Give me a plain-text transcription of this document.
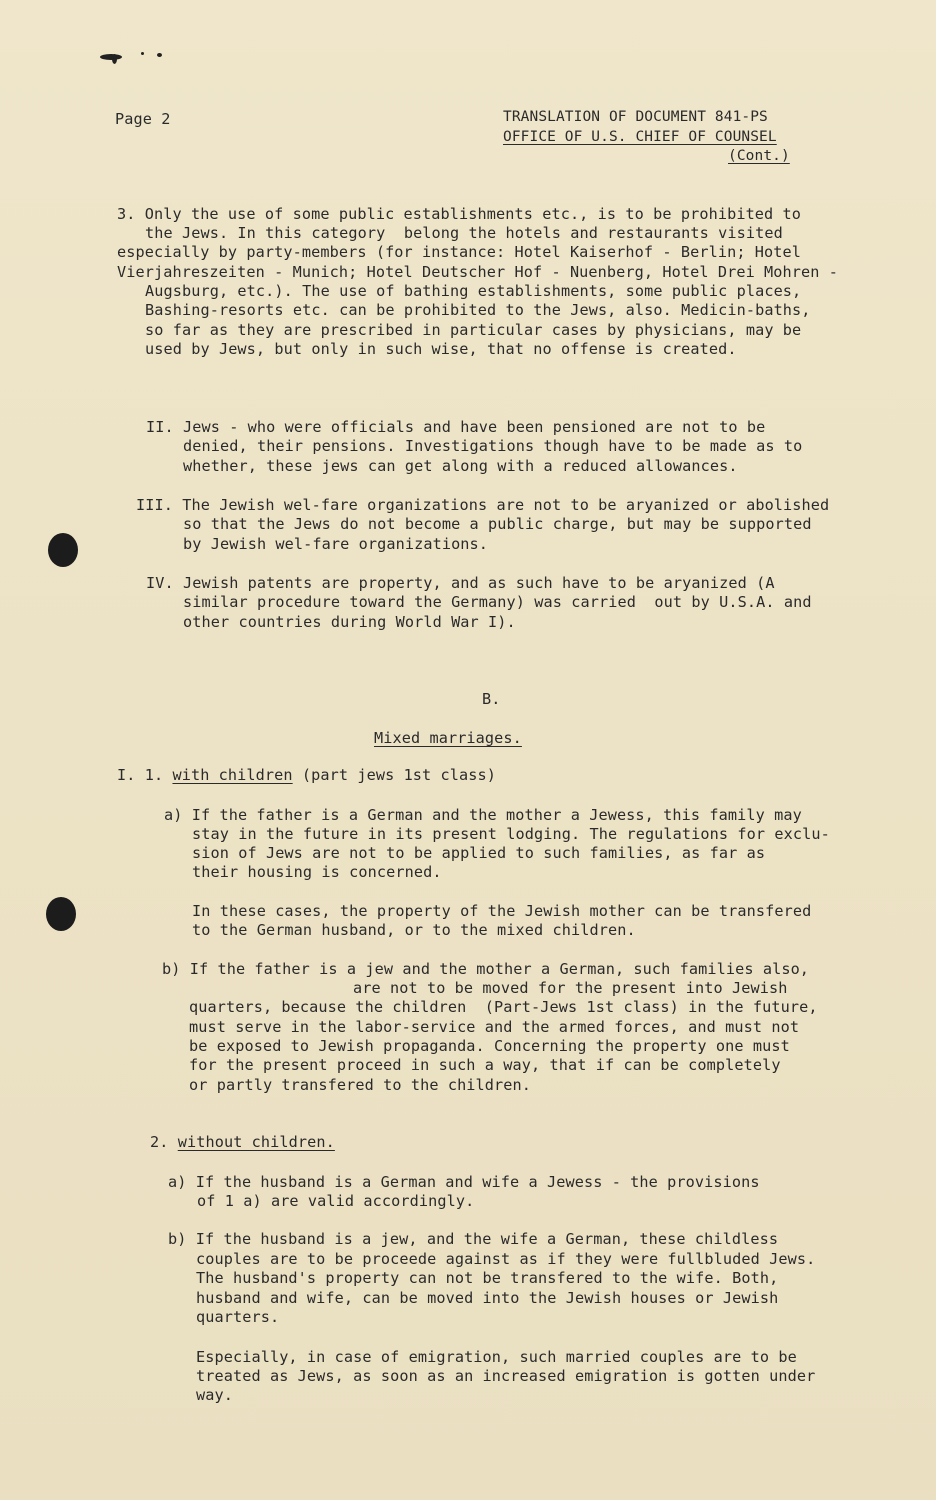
Page 2	TRANSLATION OF DOCUMENT 841-PS
OFFICE OF U.S. CHIEF OF COUNSEL
(Cont.)
3. Only the use of some public establishments etc., is to be prohibited to
the Jews. In this category  belong the hotels and restaurants visited
especially by party-members (for instance: Hotel Kaiserhof - Berlin; Hotel
Vierjahreszeiten - Munich; Hotel Deutscher Hof - Nuenberg, Hotel Drei Mohren -
Augsburg, etc.). The use of bathing establishments, some public places,
Bashing-resorts etc. can be prohibited to the Jews, also. Medicin-baths,
so far as they are prescribed in particular cases by physicians, may be
used by Jews, but only in such wise, that no offense is created.
II. Jews - who were officials and have been pensioned are not to be
denied, their pensions. Investigations though have to be made as to
whether, these jews can get along with a reduced allowances.
III. The Jewish wel-fare organizations are not to be aryanized or abolished
so that the Jews do not become a public charge, but may be supported
by Jewish wel-fare organizations.
IV. Jewish patents are property, and as such have to be aryanized (A
similar procedure toward the Germany) was carried  out by U.S.A. and
other countries during World War I).
B.
Mixed marriages.
I. 1. with children (part jews 1st class)
a) If the father is a German and the mother a Jewess, this family may
stay in the future in its present lodging. The regulations for exclu-
sion of Jews are not to be applied to such families, as far as
their housing is concerned.
In these cases, the property of the Jewish mother can be transfered
to the German husband, or to the mixed children.
b) If the father is a jew and the mother a German, such families also,
are not to be moved for the present into Jewish
quarters, because the children  (Part-Jews 1st class) in the future,
must serve in the labor-service and the armed forces, and must not
be exposed to Jewish propaganda. Concerning the property one must
for the present proceed in such a way, that if can be completely
or partly transfered to the children.
2. without children.
a) If the husband is a German and wife a Jewess - the provisions
of 1 a) are valid accordingly.
b) If the husband is a jew, and the wife a German, these childless
couples are to be proceede against as if they were fullbluded Jews.
The husband's property can not be transfered to the wife. Both,
husband and wife, can be moved into the Jewish houses or Jewish
quarters.
Especially, in case of emigration, such married couples are to be
treated as Jews, as soon as an increased emigration is gotten under
way.
